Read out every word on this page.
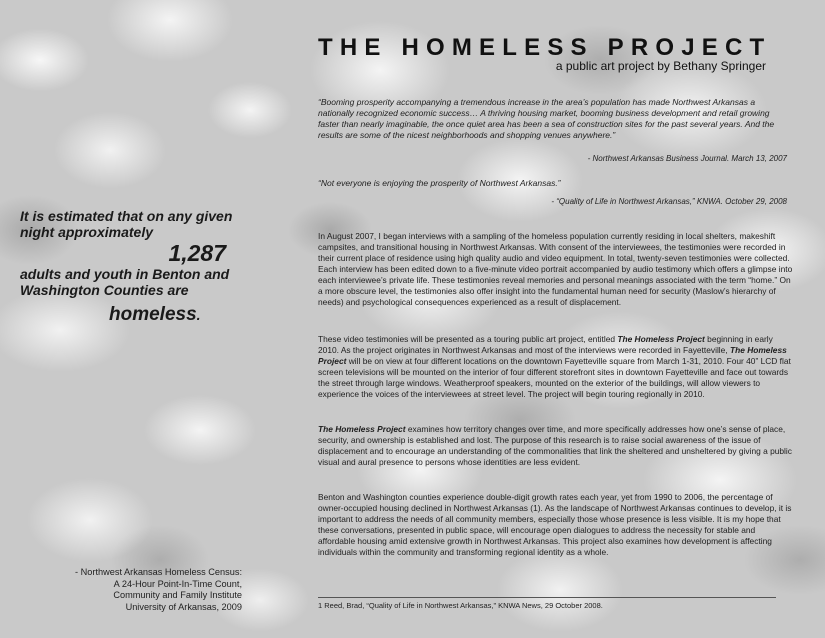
THE HOMELESS PROJECT
a public art project by Bethany Springer

“Booming prosperity accompanying a tremendous increase in the area’s population has made Northwest Arkansas a nationally recognized economic success… A thriving housing market, booming business development and retail growing faster than nearly imaginable, the once quiet area has been a sea of construction sites for the past several years. And the results are some of the nicest neighborhoods and shopping venues anywhere.”

- Northwest Arkansas Business Journal. March 13, 2007

“Not everyone is enjoying the prosperity of Northwest Arkansas.”

- “Quality of Life in Northwest Arkansas,” KNWA. October 29, 2008

In August 2007, I began interviews with a sampling of the homeless population currently residing in local shelters, makeshift campsites, and transitional housing in Northwest Arkansas. With consent of the interviewees, the testimonies were recorded in their current place of residence using high quality audio and video equipment. In total, twenty-seven testimonies were collected. Each interview has been edited down to a five-minute video portrait accompanied by audio testimony which offers a glimpse into each interviewee’s private life. These testimonies reveal memories and personal meanings associated with the term “home.” On a more obscure level, the testimonies also offer insight into the fundamental human need for security (Maslow’s hierarchy of needs) and psychological consequences experienced as a result of displacement.

These video testimonies will be presented as a touring public art project, entitled The Homeless Project beginning in early 2010. As the project originates in Northwest Arkansas and most of the interviews were recorded in Fayetteville, The Homeless Project will be on view at four different locations on the downtown Fayetteville square from March 1-31, 2010. Four 40” LCD flat screen televisions will be mounted on the interior of four different storefront sites in downtown Fayetteville and face out towards the street through large windows. Weatherproof speakers, mounted on the exterior of the buildings, will allow viewers to experience the voices of the interviewees at street level. The project will begin touring regionally in 2010.

The Homeless Project examines how territory changes over time, and more specifically addresses how one’s sense of place, security, and ownership is established and lost. The purpose of this research is to raise social awareness of the issue of displacement and to encourage an understanding of the commonalities that link the sheltered and unsheltered by giving a public visual and aural presence to persons whose identities are less evident.

Benton and Washington counties experience double-digit growth rates each year, yet from 1990 to 2006, the percentage of owner-occupied housing declined in Northwest Arkansas (1). As the landscape of Northwest Arkansas continues to develop, it is important to address the needs of all community members, especially those whose presence is less visible. It is my hope that these conversations, presented in public space, will encourage open dialogues to address the necessity for stable and affordable housing amid extensive growth in Northwest Arkansas. This project also examines how development is affecting individuals within the community and transforming regional identity as a whole.

1 Reed, Brad, “Quality of Life in Northwest Arkansas,” KNWA News, 29 October 2008.
It is estimated that on any given
night approximately
1,287
adults and youth in Benton and
Washington Counties are
homeless.
- Northwest Arkansas Homeless Census:
A 24-Hour Point-In-Time Count,
Community and Family Institute
University of Arkansas, 2009
